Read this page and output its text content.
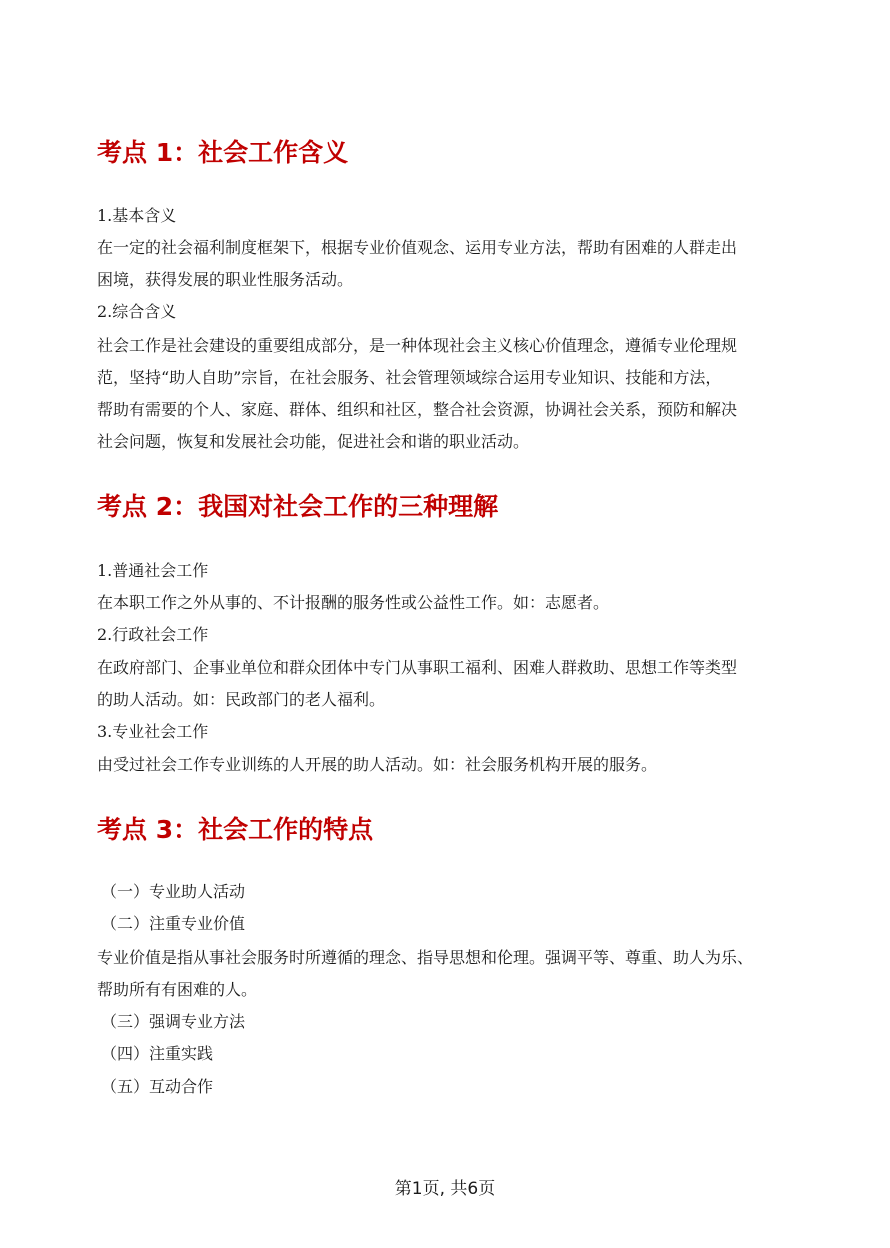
考点 1：社会工作含义

1.基本含义

在一定的社会福利制度框架下，根据专业价值观念、运用专业方法，帮助有困难的人群走出

困境，获得发展的职业性服务活动。

2.综合含义

社会工作是社会建设的重要组成部分，是一种体现社会主义核心价值理念，遵循专业伦理规

范，坚持“助人自助”宗旨，在社会服务、社会管理领域综合运用专业知识、技能和方法，

帮助有需要的个人、家庭、群体、组织和社区，整合社会资源，协调社会关系，预防和解决

社会问题，恢复和发展社会功能，促进社会和谐的职业活动。

考点 2：我国对社会工作的三种理解

1.普通社会工作

在本职工作之外从事的、不计报酬的服务性或公益性工作。如：志愿者。

2.行政社会工作

在政府部门、企事业单位和群众团体中专门从事职工福利、困难人群救助、思想工作等类型

的助人活动。如：民政部门的老人福利。

3.专业社会工作

由受过社会工作专业训练的人开展的助人活动。如：社会服务机构开展的服务。

考点 3：社会工作的特点

（一）专业助人活动

（二）注重专业价值

专业价值是指从事社会服务时所遵循的理念、指导思想和伦理。强调平等、尊重、助人为乐、

帮助所有有困难的人。

（三）强调专业方法

（四）注重实践

（五）互动合作

第1页, 共6页
